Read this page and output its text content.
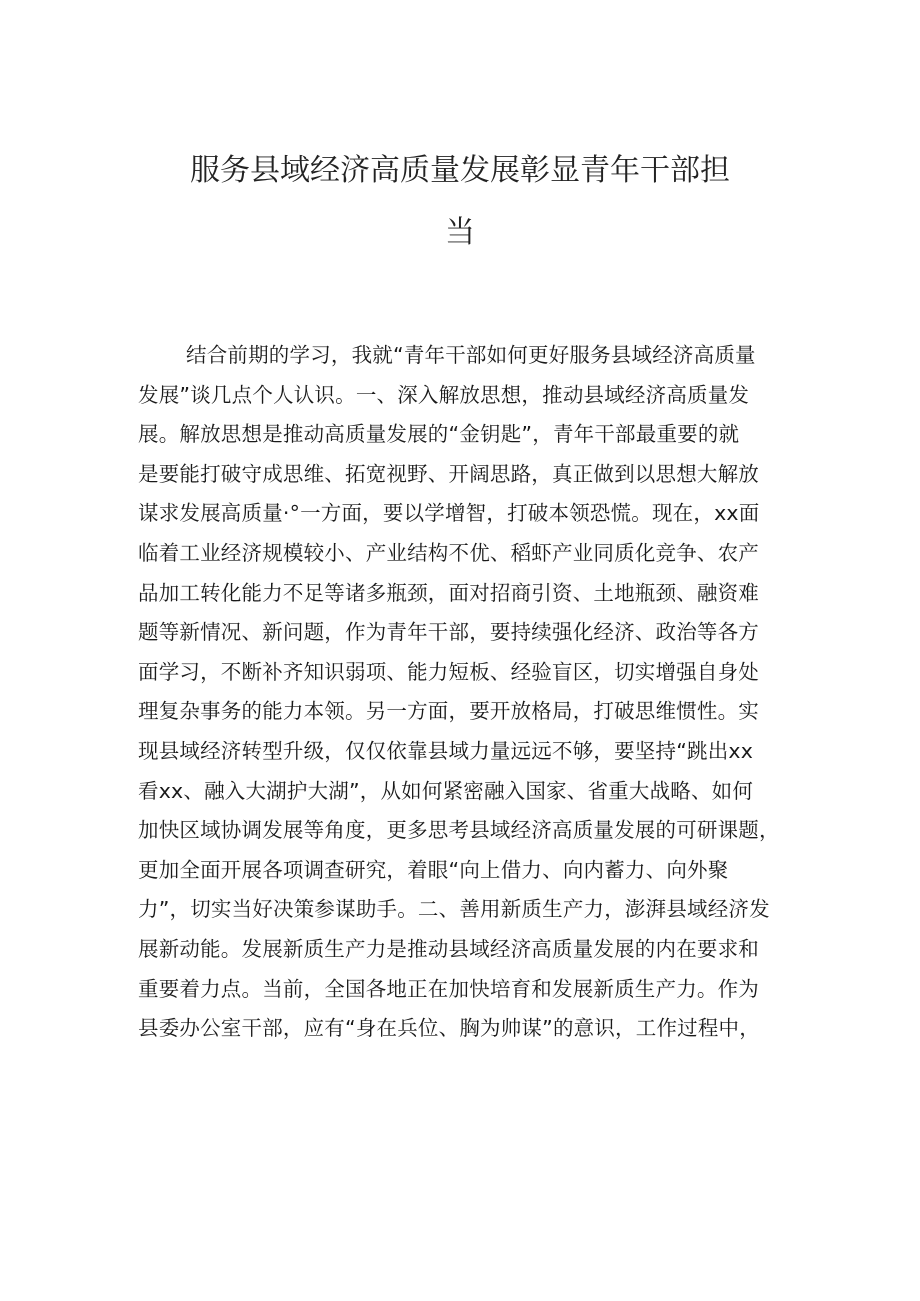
服务县域经济高质量发展彰显青年干部担
当
结合前期的学习，我就“青年干部如何更好服务县域经济高质量
发展”谈几点个人认识。一、深入解放思想，推动县域经济高质量发
展。解放思想是推动高质量发展的“金钥匙”，青年干部最重要的就
是要能打破守成思维、拓宽视野、开阔思路，真正做到以思想大解放
谋求发展高质量·°一方面，要以学增智，打破本领恐慌。现在，xx面
临着工业经济规模较小、产业结构不优、稻虾产业同质化竞争、农产
品加工转化能力不足等诸多瓶颈，面对招商引资、土地瓶颈、融资难
题等新情况、新问题，作为青年干部，要持续强化经济、政治等各方
面学习，不断补齐知识弱项、能力短板、经验盲区，切实增强自身处
理复杂事务的能力本领。另一方面，要开放格局，打破思维惯性。实
现县域经济转型升级，仅仅依靠县域力量远远不够，要坚持“跳出xx
看xx、融入大湖护大湖”，从如何紧密融入国家、省重大战略、如何
加快区域协调发展等角度，更多思考县域经济高质量发展的可研课题，
更加全面开展各项调查研究，着眼“向上借力、向内蓄力、向外聚
力”，切实当好决策参谋助手。二、善用新质生产力，澎湃县域经济发
展新动能。发展新质生产力是推动县域经济高质量发展的内在要求和
重要着力点。当前，全国各地正在加快培育和发展新质生产力。作为
县委办公室干部，应有“身在兵位、胸为帅谋”的意识，工作过程中，
